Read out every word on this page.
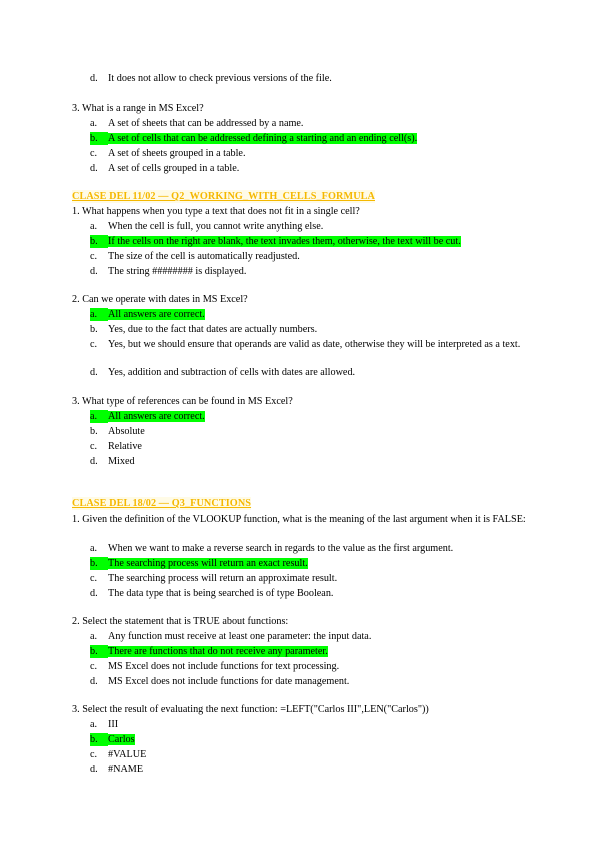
d. It does not allow to check previous versions of the file.
3. What is a range in MS Excel?
a. A set of sheets that can be addressed by a name.
b. A set of cells that can be addressed defining a starting and an ending cell(s).
c. A set of sheets grouped in a table.
d. A set of cells grouped in a table.
CLASE DEL 11/02 — Q2_WORKING_WITH_CELLS_FORMULA
1. What happens when you type a text that does not fit in a single cell?
a. When the cell is full, you cannot write anything else.
b. If the cells on the right are blank, the text invades them, otherwise, the text will be cut.
c. The size of the cell is automatically readjusted.
d. The string ######## is displayed.
2. Can we operate with dates in MS Excel?
a. All answers are correct.
b. Yes, due to the fact that dates are actually numbers.
c. Yes, but we should ensure that operands are valid as date, otherwise they will be interpreted as a text.
d. Yes, addition and subtraction of cells with dates are allowed.
3. What type of references can be found in MS Excel?
a. All answers are correct.
b. Absolute
c. Relative
d. Mixed
CLASE DEL 18/02 — Q3_FUNCTIONS
1. Given the definition of the VLOOKUP function, what is the meaning of the last argument when it is FALSE:
a. When we want to make a reverse search in regards to the value as the first argument.
b. The searching process will return an exact result.
c. The searching process will return an approximate result.
d. The data type that is being searched is of type Boolean.
2. Select the statement that is TRUE about functions:
a. Any function must receive at least one parameter: the input data.
b. There are functions that do not receive any parameter.
c. MS Excel does not include functions for text processing.
d. MS Excel does not include functions for date management.
3. Select the result of evaluating the next function: =LEFT("Carlos III",LEN("Carlos"))
a. III
b. Carlos
c. #VALUE
d. #NAME
